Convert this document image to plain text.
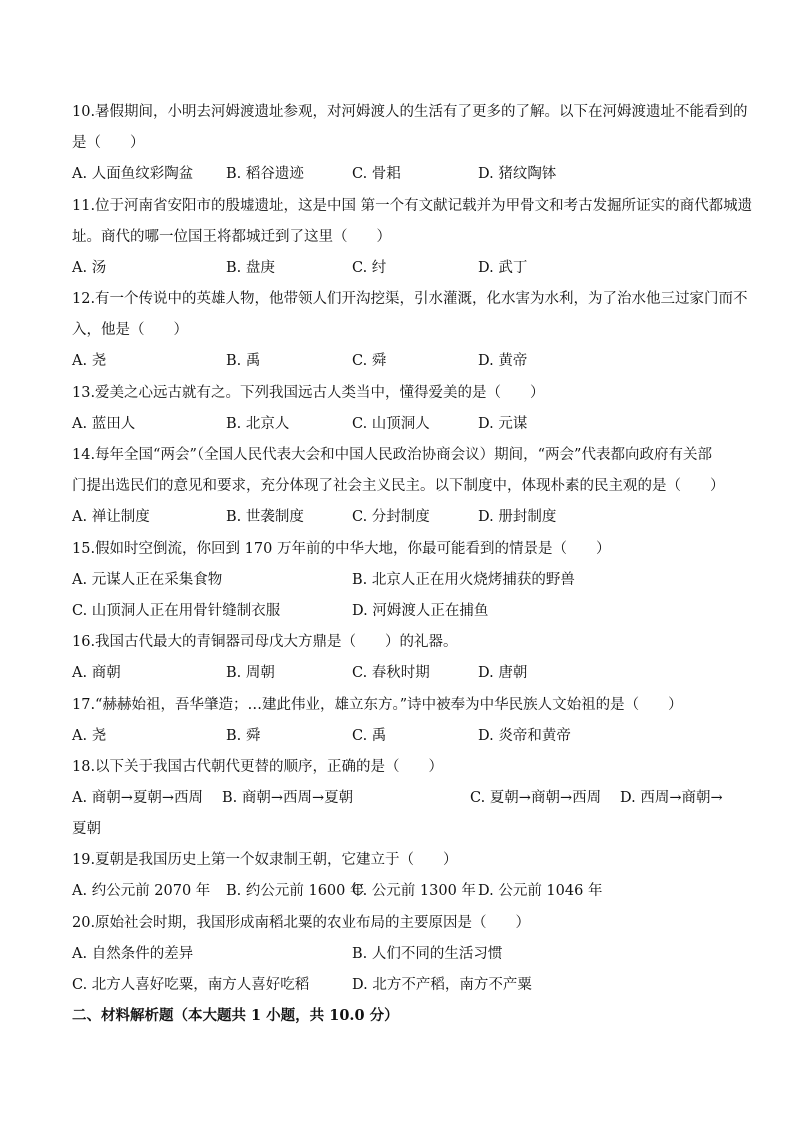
10.暑假期间，小明去河姆渡遗址参观，对河姆渡人的生活有了更多的了解。以下在河姆渡遗址不能看到的
是（　　）
A. 人面鱼纹彩陶盆 B. 稻谷遗迹	C. 骨耜	D. 猪纹陶钵
11.位于河南省安阳市的殷墟遗址，这是中国 第一个有文献记载并为甲骨文和考古发掘所证实的商代都城遗
址。商代的哪一位国王将都城迁到了这里（　　）
A. 汤	B. 盘庚	C. 纣	D. 武丁
12.有一个传说中的英雄人物，他带领人们开沟挖渠，引水灌溉，化水害为水利，为了治水他三过家门而不
入，他是（　　）
A. 尧	B. 禹	C. 舜	D. 黄帝
13.爱美之心远古就有之。下列我国远古人类当中，懂得爱美的是（　　）
A. 蓝田人	B. 北京人	C. 山顶洞人	D. 元谋
14.每年全国“两会”（全国人民代表大会和中国人民政治协商会议）期间，“两会”代表都向政府有关部
门提出选民们的意见和要求，充分体现了社会主义民主。以下制度中，体现朴素的民主观的是（　　）
A. 禅让制度	B. 世袭制度	C. 分封制度	D. 册封制度
15.假如时空倒流，你回到 170 万年前的中华大地，你最可能看到的情景是（　　）
A. 元谋人正在采集食物	B. 北京人正在用火烧烤捕获的野兽
C. 山顶洞人正在用骨针缝制衣服	D. 河姆渡人正在捕鱼
16.我国古代最大的青铜器司母戊大方鼎是（　　）的礼器。
A. 商朝	B. 周朝	C. 春秋时期	D. 唐朝
17.“赫赫始祖，吾华肇造；…建此伟业，雄立东方。”诗中被奉为中华民族人文始祖的是（　　）
A. 尧	B. 舜	C. 禹	D. 炎帝和黄帝
18.以下关于我国古代朝代更替的顺序，正确的是（　　）
A. 商朝→夏朝→西周 B. 商朝→西周→夏朝	C. 夏朝→商朝→西周 D. 西周→商朝→
夏朝
19.夏朝是我国历史上第一个奴隶制王朝，它建立于（　　）
A. 约公元前 2070 年 B. 约公元前 1600 年
C. 公元前 1300 年 D. 公元前 1046 年
20.原始社会时期，我国形成南稻北粟的农业布局的主要原因是（　　）
A. 自然条件的差异	B. 人们不同的生活习惯
C. 北方人喜好吃粟，南方人喜好吃稻	D. 北方不产稻，南方不产粟
二、材料解析题（本大题共 1 小题，共 10.0 分）
